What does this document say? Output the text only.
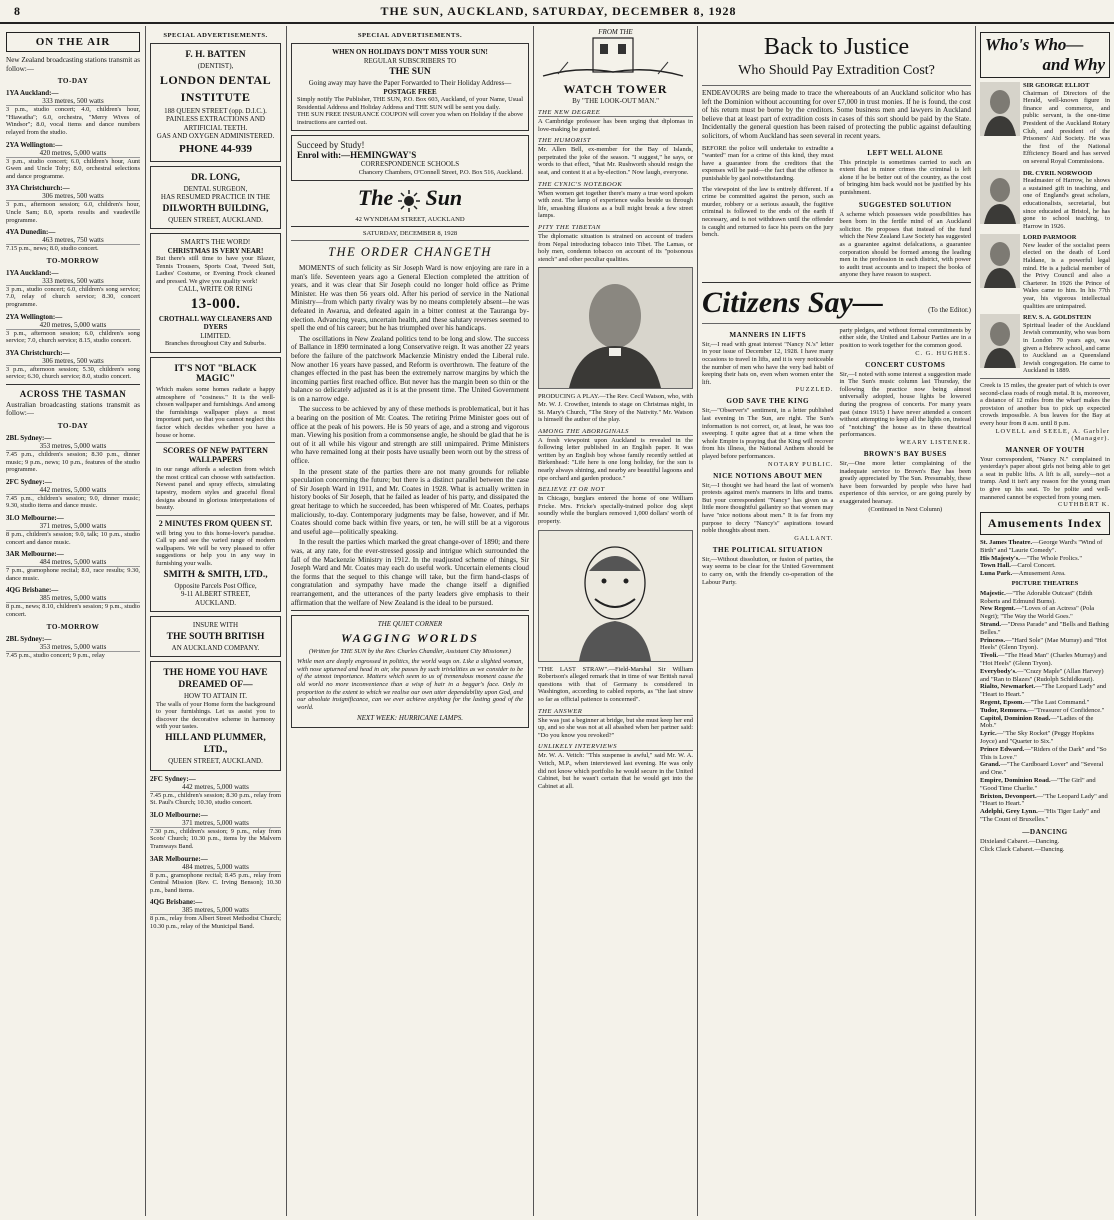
8	THE SUN, AUCKLAND, SATURDAY, DECEMBER 8, 1928

ON THE AIR
New Zealand broadcasting stations transmit as follow:—
TO-DAY
1YA Auckland:—
333 metres, 500 watts
3 p.m., studio concert; 4.0, children's hour, "Hiawatha"; 6.0, orchestra, "Merry Wives of Windsor"; 8.0, vocal items and dance numbers relayed from the studio.
2YA Wellington:—
420 metres, 5,000 watts
3 p.m., studio concert; 6.0, children's hour, Aunt Gwen and Uncle Toby; 8.0, orchestral selections and dance programme.
3YA Christchurch:—
306 metres, 500 watts
3 p.m., afternoon session; 6.0, children's hour, Uncle Sam; 8.0, sports results and vaudeville programme.
4YA Dunedin:—
463 metres, 750 watts
7.15 p.m., news; 8.0, studio concert.
TO-MORROW
1YA Auckland:—
333 metres, 500 watts
3 p.m., studio concert; 6.0, children's song service; 7.0, relay of church service; 8.30, concert programme.
2YA Wellington:—
420 metres, 5,000 watts
3 p.m., afternoon session; 6.0, children's song service; 7.0, church service; 8.15, studio concert.
3YA Christchurch:—
306 metres, 500 watts
3 p.m., afternoon session; 5.30, children's song service; 6.30, church service; 8.0, studio concert.
ACROSS THE TASMAN
Australian broadcasting stations transmit as follow:—
TO-DAY
2BL Sydney:—
353 metres, 5,000 watts
7.45 p.m., children's session; 8.30 p.m., dinner music; 9 p.m., news; 10 p.m., features of the studio programme.
2FC Sydney:—
442 metres, 5,000 watts
7.45 p.m., children's session; 9.0, dinner music; 9.30, studio items and dance music.
3LO Melbourne:—
371 metres, 5,000 watts
8 p.m., children's session; 9.0, talk; 10 p.m., studio concert and dance music.
3AR Melbourne:—
484 metres, 5,000 watts
7 p.m., gramophone recital; 8.0, race results; 9.30, dance music.
4QG Brisbane:—
385 metres, 5,000 watts
8 p.m., news; 8.10, children's session; 9 p.m., studio concert.
TO-MORROW
2BL Sydney:—
353 metres, 5,000 watts
7.45 p.m., studio concert; 9 p.m., relay
SPECIAL ADVERTISEMENTS.
F. H. BATTEN
(DENTIST),
LONDON DENTAL
INSTITUTE
188 QUEEN STREET (opp. D.I.C.).
PAINLESS EXTRACTIONS AND
ARTIFICIAL TEETH.
GAS AND OXYGEN ADMINISTERED.
PHONE 44-939
DR. LONG,
DENTAL SURGEON,
HAS RESUMED PRACTICE IN THE
DILWORTH BUILDING,
QUEEN STREET, AUCKLAND.
SMART'S THE WORD!
CHRISTMAS IS VERY NEAR!
But there's still time to have your Blazer, Tennis Trousers, Sports Coat, Tweed Suit, Ladies' Costume, or Evening Frock cleaned and pressed. We give you quality work!
CALL, WRITE OR RING
13-000.
CROTHALL WAY CLEANERS AND DYERS
LIMITED.
Branches throughout City and Suburbs.
IT'S NOT "BLACK MAGIC"
Which makes some homes radiate a happy atmosphere of "cosiness." It is the well-chosen wallpaper and furnishings. And among the furnishings wallpaper plays a most important part, so that you cannot neglect this factor which decides whether you have a house or home.
SCORES OF NEW PATTERN WALLPAPERS
in our range affords a selection from which the most critical can choose with satisfaction. Newest panel and spray effects, simulating tapestry, modern styles and graceful floral designs abound in glorious interpretations of beauty.
2 MINUTES FROM QUEEN ST.
will bring you to this home-lover's paradise. Call up and see the varied range of modern wallpapers. We will be very pleased to offer suggestions or help you in any way in furnishing your walls.
SMITH & SMITH, LTD.,
Opposite Parcels Post Office,
9-11 ALBERT STREET,
AUCKLAND.
INSURE WITH
THE SOUTH BRITISH
AN AUCKLAND COMPANY.
THE HOME YOU HAVE
DREAMED OF—
HOW TO ATTAIN IT.
The walls of your Home form the background to your furnishings. Let us assist you to discover the decorative scheme in harmony with your tastes.
HILL AND PLUMMER,
LTD.,
QUEEN STREET, AUCKLAND.
2FC Sydney:—
442 metres, 5,000 watts
7.45 p.m., children's session; 8.30 p.m., relay from St. Paul's Church; 10.30, studio concert.
3LO Melbourne:—
371 metres, 5,000 watts
7.30 p.m., children's session; 9 p.m., relay from Scots' Church; 10.30 p.m., items by the Malvern Tramways Band.
3AR Melbourne:—
484 metres, 5,000 watts
8 p.m., gramophone recital; 8.45 p.m., relay from Central Mission (Rev. C. Irving Benson); 10.30 p.m., band items.
4QG Brisbane:—
385 metres, 5,000 watts
8 p.m., relay from Albert Street Methodist Church; 10.30 p.m., relay of the Municipal Band.
SPECIAL ADVERTISEMENTS.
WHEN ON HOLIDAYS DON'T MISS YOUR SUN!
REGULAR SUBSCRIBERS TO
THE SUN
Going away may have the Paper Forwarded to Their Holiday Address—
POSTAGE FREE
Simply notify The Publisher, THE SUN, P.O. Box 603, Auckland, of your Name, Usual Residential Address and Holiday Address and THE SUN will be sent you daily.
THE SUN FREE INSURANCE COUPON will cover you when on Holiday if the above instructions are carried out.
Succeed by Study!
Enrol with:—HEMINGWAY'S
CORRESPONDENCE SCHOOLS
Chancery Chambers, O'Connell Street, P.O. Box 516, Auckland.
The Sun
42 WYNDHAM STREET, AUCKLAND
SATURDAY, DECEMBER 8, 1928
THE ORDER CHANGETH
MOMENTS of such felicity as Sir Joseph Ward is now enjoying are rare in a man's life. Seventeen years ago a General Election completed the attrition of years, and it was clear that Sir Joseph could no longer hold office as Prime Minister. He was then 56 years old. After his period of service in the National Ministry—from which party rivalry was by no means completely absent—he was defeated in Awarua, and defeated again in a bitter contest at the Tauranga by-election. Advancing years, uncertain health, and these salutary reverses seemed to spell the end of his career; but he has triumphed over his handicaps.
The oscillations in New Zealand politics tend to be long and slow. The success of Ballance in 1890 terminated a long Conservative reign. It was another 22 years before the failure of the patchwork Mackenzie Ministry ended the Liberal rule. Now another 16 years have passed, and Reform is overthrown. The feature of the changes effected in the past has been the extremely narrow margins by which the incoming parties first reached office. But never has the margin been so thin or the balance so delicately adjusted as it is at the present time. The United Government is on a narrow edge.
The success to be achieved by any of these methods is problematical, but it has a bearing on the position of Mr. Coates. The retiring Prime Minister goes out of office at the peak of his powers. He is 50 years of age, and a strong and vigorous man. Viewing his position from a commonsense angle, he should be glad that he is out of it all while his vigour and strength are still unimpaired. Prime Ministers who have remained long at their posts have usually been worn out by the stress of office.
In the present state of the parties there are not many grounds for reliable speculation concerning the future; but there is a distinct parallel between the case of Sir Joseph Ward in 1911, and Mr. Coates in 1928. What is actually written in history books of Sir Joseph, that he failed as leader of his party, and dissipated the great heritage to which he succeeded, has been whispered of Mr. Coates, perhaps maliciously, to-day. Contemporary judgments may be false, however, and if Mr. Coates should come back within five years, or ten, he will still be at a vigorous and useful age—politically speaking.
In the result the parties which marked the great change-over of 1890; and there was, at any rate, for the ever-stressed gossip and intrigue which surrounded the fall of the Mackenzie Ministry in 1912. In the readjusted scheme of things, Sir Joseph Ward and Mr. Coates may each do useful work. Uncertain elements cloud the forms that the sequel to this change will take, but the firm hand-clasps of congratulation and sympathy have made the change itself a dignified rearrangement, and the utterances of the party leaders give emphasis to their affirmation that the welfare of New Zealand is the ideal to be pursued.
THE QUIET CORNER
WAGGING WORLDS
(Written for THE SUN by the Rev. Charles Chandler, Assistant City Missioner.)
While men are deeply engrossed in politics, the world wags on. Like a slighted woman, with nose upturned and head in air, she passes by such trivialities as we consider to be of the utmost importance. Matters which seem to us of tremendous moment cause the old world no more inconvenience than a wisp of hair in a beggar's face. Only in proportion to the extent to which we realise our own utter dependability upon God, and our absolute insignificance, can we ever achieve anything for the lasting good of the world.
NEXT WEEK: HURRICANE LAMPS.
FROM THE
WATCH TOWER
By "THE LOOK-OUT MAN."
THE NEW DEGREE
A Cambridge professor has been urging that diplomas in love-making be granted.
THE HUMORIST
Mr. Allen Bell, ex-member for the Bay of Islands, perpetrated the joke of the season. "I suggest," he says, or words to that effect, "that Mr. Rushworth should resign the seat, and contest it at a by-election." Now laugh, everyone.
THE CYNIC'S NOTEBOOK
When women get together there's many a true word spoken with zest. The lamp of experience walks beside us through life, smashing illusions as a bull might break a few street lamps.
PITY THE TIBETAN
The diplomatic situation is strained on account of traders from Nepal introducing tobacco into Tibet. The Lamas, or holy men, condemn tobacco on account of its "poisonous stench" and other peculiar qualities.
PRODUCING A PLAY.—The Rev. Cecil Watson, who, with Mr. W. J. Crowther, intends to stage on Christmas night, in St. Mary's Church, "The Story of the Nativity." Mr. Watson is himself the author of the play.
AMONG THE ABORIGINALS
A fresh viewpoint upon Auckland is revealed in the following letter published in an English paper. It was written by an English boy whose family recently settled at Birkenhead: "Life here is one long holiday, for the sun is nearly always shining, and nearby are beautiful lagoons and ripe orchard and garden produce."
BELIEVE IT OR NOT
In Chicago, burglars entered the home of one William Fricke. Mrs. Fricke's specially-trained police dog slept soundly while the burglars removed 1,000 dollars' worth of property.
"THE LAST STRAW".—Field-Marshal Sir William Robertson's alleged remark that in time of war British naval questions with that of Germany is considered in Washington, according to cabled reports, as "the last straw so far as official patience is concerned".
THE ANSWER
She was just a beginner at bridge, but she must keep her end up, and so she was not at all abashed when her partner said: "Do you know you revoked?"
UNLIKELY INTERVIEWS
Mr. W. A. Veitch: "This suspense is awful," said Mr. W. A. Veitch, M.P., when interviewed last evening. He was only did not know which portfolio he would secure in the United Cabinet, but he wasn't certain that he would get into the Cabinet at all.
Back to Justice
Who Should Pay Extradition Cost?
ENDEAVOURS are being made to trace the whereabouts of an Auckland solicitor who has left the Dominion without accounting for over £7,000 in trust monies. If he is found, the cost of his return must be borne by the creditors. Some business men and lawyers in Auckland believe that at least part of extradition costs in cases of this sort should be paid by the State. Incidentally the general question has been raised of protecting the public against defaulting solicitors, of whom Auckland has seen several in recent years.
BEFORE the police will undertake to extradite a "wanted" man for a crime of this kind, they must have a guarantee from the creditors that the expenses will be paid—the fact that the offence is punishable by gaol notwithstanding.
The viewpoint of the law is entirely different. If a crime be committed against the person, such as murder, robbery or a serious assault, the fugitive criminal is followed to the ends of the earth if necessary, and is not withdrawn until the offender is caught and returned to face his peers on the jury bench.
LEFT WELL ALONE
This principle is sometimes carried to such an extent that in minor crimes the criminal is left alone if he be better out of the country, as the cost of bringing him back would not be justified by his punishment.
SUGGESTED SOLUTION
A scheme which possesses wide possibilities has been born in the fertile mind of an Auckland solicitor. He proposes that instead of the fund which the New Zealand Law Society has suggested as a guarantee against defalcations, a guarantee corporation should be formed among the leading men in the profession in each district, with power to audit trust accounts and to inspect the books of anyone they have reason to suspect.
Citizens Say—	(To the Editor.)
MANNERS IN LIFTS
Sir,—I read with great interest "Nancy N.'s" letter in your issue of December 12, 1928. I have many occasions to travel in lifts, and it is very noticeable the number of men who have the very bad habit of keeping their hats on, even when women enter the lift.
PUZZLED.
GOD SAVE THE KING
Sir,—"Observer's" sentiment, in a letter published last evening in The Sun, are right. The Sun's information is not correct, or, at least, he was too sweeping. I quite agree that at a time when the whole Empire is praying that the King will recover from his illness, the National Anthem should be played before performances.
NOTARY PUBLIC.
NICE NOTIONS ABOUT MEN
Sir,—I thought we had heard the last of women's protests against men's manners in lifts and trams. But your correspondent "Nancy" has given us a little more thoughtful gallantry so that women may have "nice notions about men." It is far from my purpose to decry "Nancy's" aspirations toward noble thoughts about men.
GALLANT.
THE POLITICAL SITUATION
Sir,—Without dissolution, or fusion of parties, the way seems to be clear for the United Government to carry on, with the friendly co-operation of the Labour Party.
party pledges, and without formal commitments by either side, the United and Labour Parties are in a position to work together for the common good.
C. G. HUGHES.
CONCERT CUSTOMS
Sir,—I noted with some interest a suggestion made in The Sun's music column last Thursday, the following the practice now being almost universally adopted, house lights be lowered during the progress of concerts. For many years past (since 1915) I have never attended a concert without attempting to keep all the lights on, instead of "notching" the house as in these theatrical performances.
WEARY LISTENER.
BROWN'S BAY BUSES
Sir,—One more letter complaining of the inadequate service to Brown's Bay has been greatly appreciated by The Sun. Presumably, these have been forwarded by people who have had experience of this service, or are going purely by exaggerated hearsay.
(Continued in Next Column)
Who's Who—
and Why
SIR GEORGE ELLIOT
Chairman of Directors of the Herald, well-known figure in finance and commerce, and public servant, is the one-time President of the Auckland Rotary Club, and president of the Prisoners' Aid Society. He was the first of the National Efficiency Board and has served on several Royal Commissions.
DR. CYRIL NORWOOD
Headmaster of Harrow, he shows a sustained gift in teaching, and one of England's great scholars, educationalists, secretarial, but since educated at Bristol, he has gone to school teaching, to Harrow in 1926.
LORD PARMOOR
New leader of the socialist peers elected on the death of Lord Haldane, is a powerful legal mind. He is a judicial member of the Privy Council and also a Charterer. In 1926 the Prince of Wales came to him. In his 77th year, his vigorous intellectual qualities are unimpaired.
REV. S. A. GOLDSTEIN
Spiritual leader of the Auckland Jewish community, who was born in London 70 years ago, was given a Hebrew school, and came to Auckland as a Queensland Jewish congregation. He came to Auckland in 1889.
Creek is 15 miles, the greater part of which is over second-class roads of rough metal. It is, moreover, a distance of 12 miles from the wharf makes the provision of another bus to pick up expected crowds impossible. A bus leaves for the Bay at every hour from 8 a.m. until 8 p.m.
LOVELL and SEELE, A. Garbler (Manager).
MANNER OF YOUTH
Your correspondent, "Nancy N." complained in yesterday's paper about girls not being able to get a seat in public lifts. A lift is all, surely—not a tramp. And it isn't any reason for the young man to give up his seat. To be polite and well-mannered cannot be expected from young men.
CUTHBERT K.
Amusements Index
St. James Theatre.—George Ward's "Wind of Birth" and "Laurie Comedy".
His Majesty's.—"The Whole Frolics."
Town Hall.—Carol Concert.
Luna Park.—Amusement Area.
PICTURE THEATRES
Majestic.—"The Adorable Outcast" (Edith Roberts and Edmund Burns).
New Regent.—"Loves of an Actress" (Pola Negri); "The Way the World Goes."
Strand.—"Dress Parade" and "Bells and Bathing Belles."
Princess.—"Hard Sole" (Mae Murray) and "Hot Heels" (Glenn Tryon).
Tivoli.—"The Head Man" (Charles Murray) and "Hot Heels" (Glenn Tryon).
Everybody's.—"Crazy Maple" (Allan Harvey) and "Ran to Blazes" (Rudolph Schildkraut).
Rialto, Newmarket.—"The Leopard Lady" and "Heart to Heart."
Regent, Epsom.—"The Last Command."
Tudor, Remuera.—"Treasurer of Confidence."
Capitol, Dominion Road.—"Ladies of the Mob."
Lyric.—"The Sky Rocket" (Peggy Hopkins Joyce) and "Quarter to Six."
Prince Edward.—"Riders of the Dark" and "So This is Love."
Grand.—"The Cardboard Lover" and "Several and One."
Empire, Dominion Road.—"The Girl" and "Good Time Charlie."
Brixton, Devonport.—"The Leopard Lady" and "Heart to Heart."
Adelphi, Grey Lynn.—"His Tiger Lady" and "The Count of Bruxelles."
—DANCING
Dixieland Cabaret.—Dancing.
Click Clack Cabaret.—Dancing.
